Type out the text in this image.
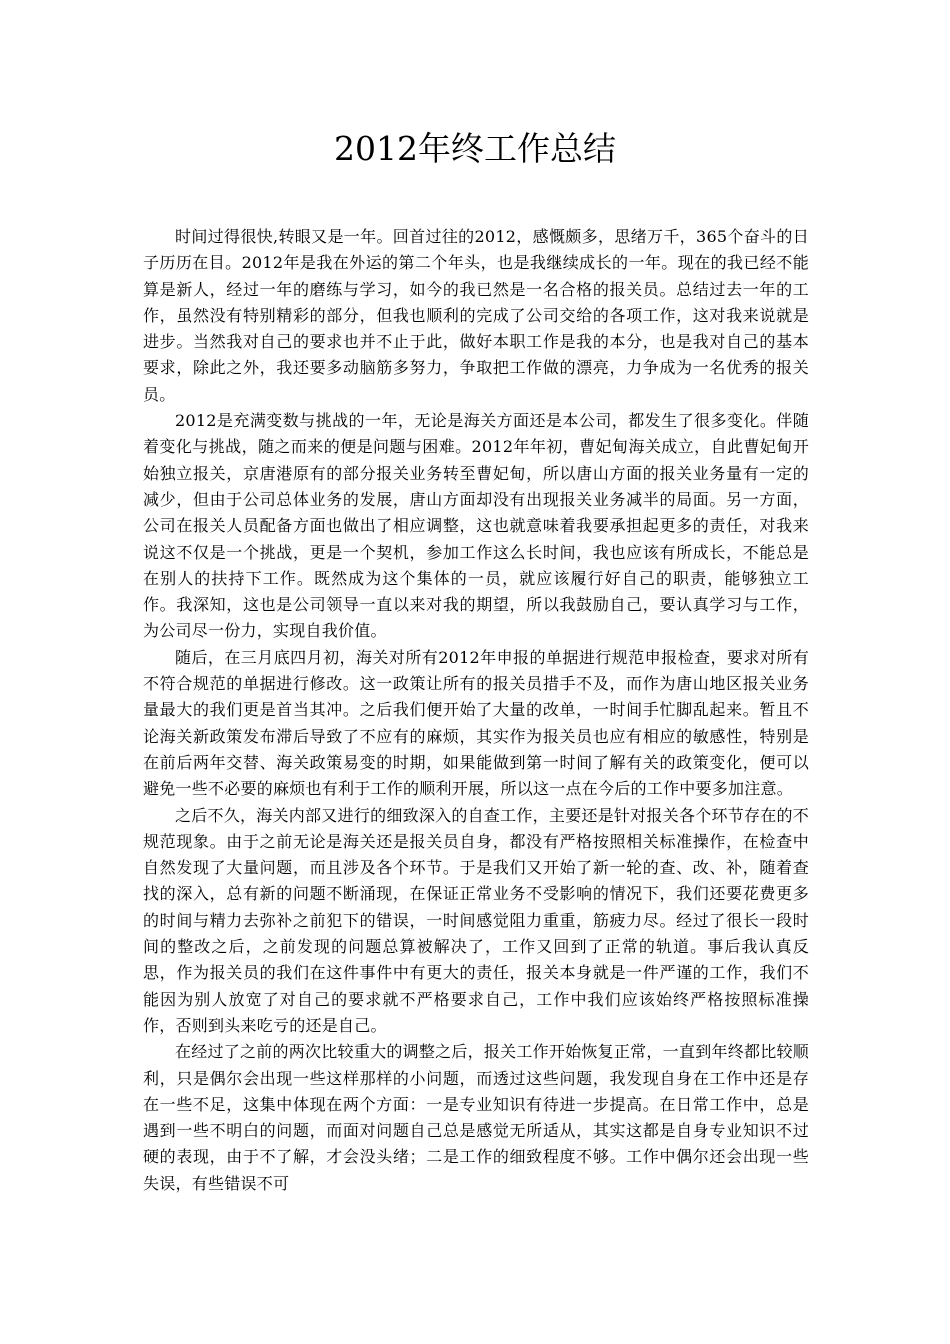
2012年终工作总结

时间过得很快,转眼又是一年。回首过往的2012，感慨颇多，思绪万千，365个奋斗的日子历历在目。2012年是我在外运的第二个年头，也是我继续成长的一年。现在的我已经不能算是新人，经过一年的磨练与学习，如今的我已然是一名合格的报关员。总结过去一年的工作，虽然没有特别精彩的部分，但我也顺利的完成了公司交给的各项工作，这对我来说就是进步。当然我对自己的要求也并不止于此，做好本职工作是我的本分，也是我对自己的基本要求，除此之外，我还要多动脑筋多努力，争取把工作做的漂亮，力争成为一名优秀的报关员。

2012是充满变数与挑战的一年，无论是海关方面还是本公司，都发生了很多变化。伴随着变化与挑战，随之而来的便是问题与困难。2012年年初，曹妃甸海关成立，自此曹妃甸开始独立报关，京唐港原有的部分报关业务转至曹妃甸，所以唐山方面的报关业务量有一定的减少，但由于公司总体业务的发展，唐山方面却没有出现报关业务减半的局面。另一方面，公司在报关人员配备方面也做出了相应调整，这也就意味着我要承担起更多的责任，对我来说这不仅是一个挑战，更是一个契机，参加工作这么长时间，我也应该有所成长，不能总是在别人的扶持下工作。既然成为这个集体的一员，就应该履行好自己的职责，能够独立工作。我深知，这也是公司领导一直以来对我的期望，所以我鼓励自己，要认真学习与工作，为公司尽一份力，实现自我价值。

随后，在三月底四月初，海关对所有2012年申报的单据进行规范申报检查，要求对所有不符合规范的单据进行修改。这一政策让所有的报关员措手不及，而作为唐山地区报关业务量最大的我们更是首当其冲。之后我们便开始了大量的改单，一时间手忙脚乱起来。暂且不论海关新政策发布滞后导致了不应有的麻烦，其实作为报关员也应有相应的敏感性，特别是在前后两年交替、海关政策易变的时期，如果能做到第一时间了解有关的政策变化，便可以避免一些不必要的麻烦也有利于工作的顺利开展，所以这一点在今后的工作中要多加注意。

之后不久，海关内部又进行的细致深入的自查工作，主要还是针对报关各个环节存在的不规范现象。由于之前无论是海关还是报关员自身，都没有严格按照相关标准操作，在检查中自然发现了大量问题，而且涉及各个环节。于是我们又开始了新一轮的查、改、补，随着查找的深入，总有新的问题不断涌现，在保证正常业务不受影响的情况下，我们还要花费更多的时间与精力去弥补之前犯下的错误，一时间感觉阻力重重，筋疲力尽。经过了很长一段时间的整改之后，之前发现的问题总算被解决了，工作又回到了正常的轨道。事后我认真反思，作为报关员的我们在这件事件中有更大的责任，报关本身就是一件严谨的工作，我们不能因为别人放宽了对自己的要求就不严格要求自己，工作中我们应该始终严格按照标准操作，否则到头来吃亏的还是自己。

在经过了之前的两次比较重大的调整之后，报关工作开始恢复正常，一直到年终都比较顺利，只是偶尔会出现一些这样那样的小问题，而透过这些问题，我发现自身在工作中还是存在一些不足，这集中体现在两个方面：一是专业知识有待进一步提高。在日常工作中，总是遇到一些不明白的问题，而面对问题自己总是感觉无所适从，其实这都是自身专业知识不过硬的表现，由于不了解，才会没头绪；二是工作的细致程度不够。工作中偶尔还会出现一些失误，有些错误不可
